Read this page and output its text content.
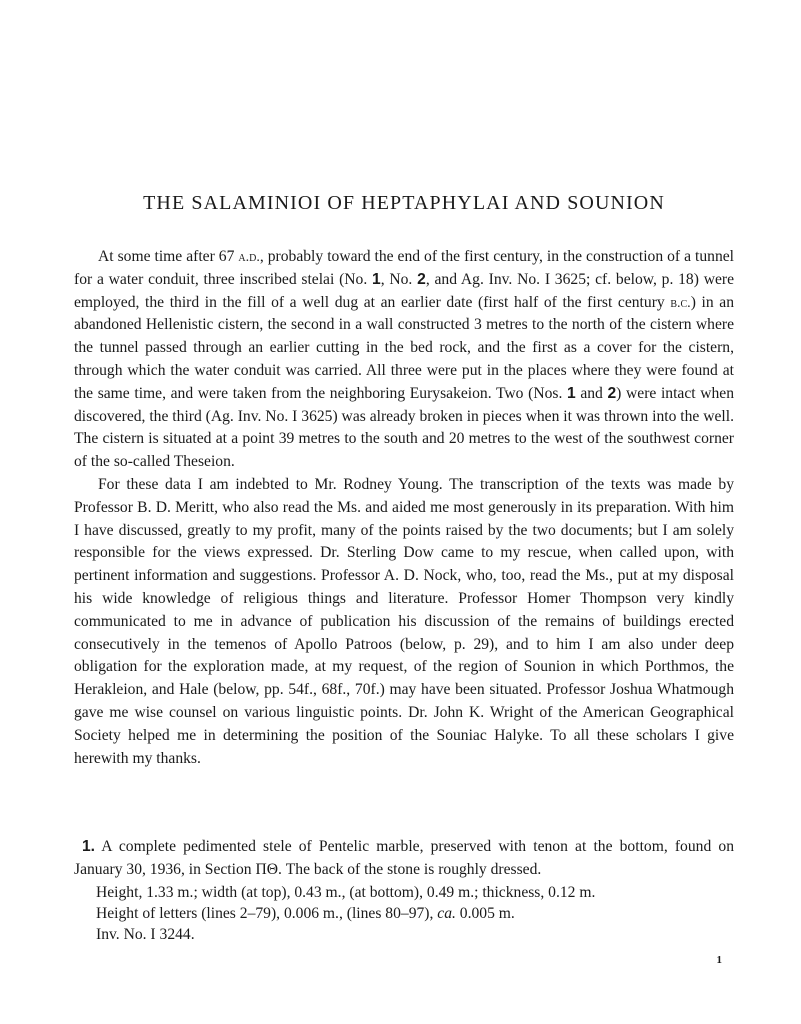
THE SALAMINIOI OF HEPTAPHYLAI AND SOUNION

At some time after 67 a.d., probably toward the end of the first century, in the construction of a tunnel for a water conduit, three inscribed stelai (No. 1, No. 2, and Ag. Inv. No. I 3625; cf. below, p. 18) were employed, the third in the fill of a well dug at an earlier date (first half of the first century b.c.) in an abandoned Hellenistic cistern, the second in a wall constructed 3 metres to the north of the cistern where the tunnel passed through an earlier cutting in the bed rock, and the first as a cover for the cistern, through which the water conduit was carried. All three were put in the places where they were found at the same time, and were taken from the neighboring Eurysakeion. Two (Nos. 1 and 2) were intact when discovered, the third (Ag. Inv. No. I 3625) was already broken in pieces when it was thrown into the well. The cistern is situated at a point 39 metres to the south and 20 metres to the west of the southwest corner of the so-called Theseion.

For these data I am indebted to Mr. Rodney Young. The transcription of the texts was made by Professor B. D. Meritt, who also read the Ms. and aided me most generously in its preparation. With him I have discussed, greatly to my profit, many of the points raised by the two documents; but I am solely responsible for the views expressed. Dr. Sterling Dow came to my rescue, when called upon, with pertinent information and suggestions. Professor A. D. Nock, who, too, read the Ms., put at my disposal his wide knowledge of religious things and literature. Professor Homer Thompson very kindly communicated to me in advance of publication his discussion of the remains of buildings erected consecutively in the temenos of Apollo Patroos (below, p. 29), and to him I am also under deep obligation for the exploration made, at my request, of the region of Sounion in which Porthmos, the Herakleion, and Hale (below, pp. 54f., 68f., 70f.) may have been situated. Professor Joshua Whatmough gave me wise counsel on various linguistic points. Dr. John K. Wright of the American Geographical Society helped me in determining the position of the Souniac Halyke. To all these scholars I give herewith my thanks.

1. A complete pedimented stele of Pentelic marble, preserved with tenon at the bottom, found on January 30, 1936, in Section ΠΘ. The back of the stone is roughly dressed.

Height, 1.33 m.; width (at top), 0.43 m., (at bottom), 0.49 m.; thickness, 0.12 m.
Height of letters (lines 2–79), 0.006 m., (lines 80–97), ca. 0.005 m.
Inv. No. I 3244.
1
